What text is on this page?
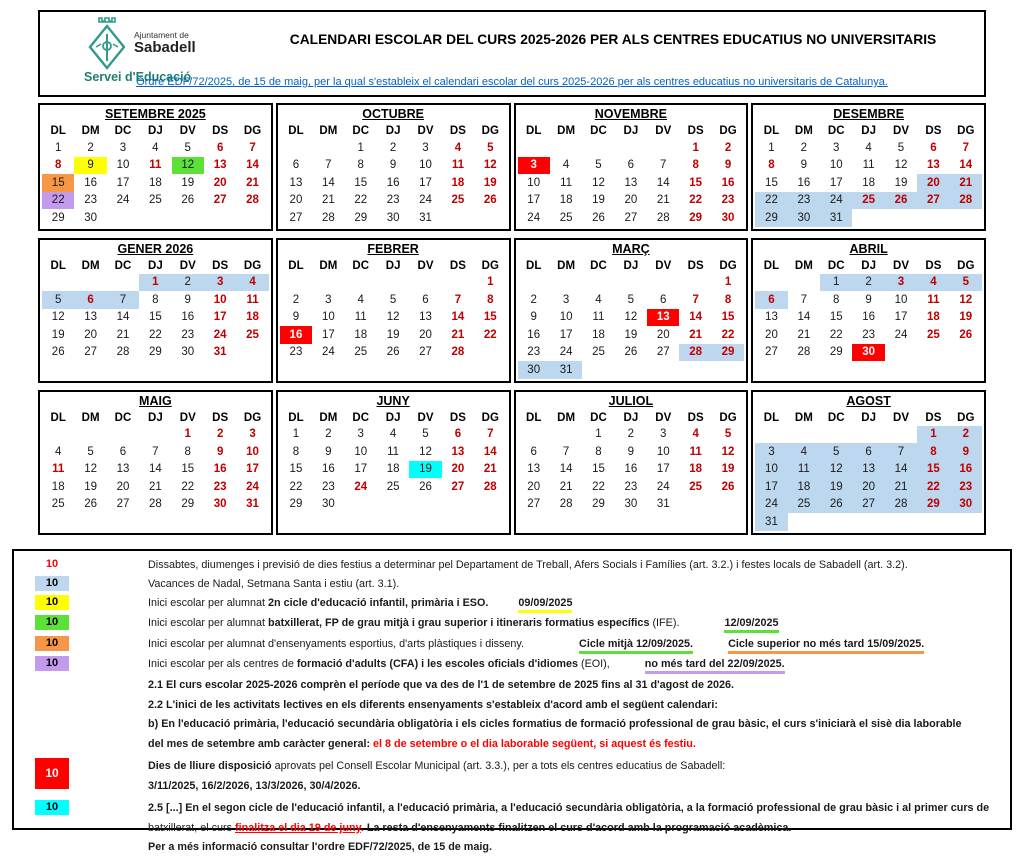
Ajuntament de
Sabadell
Servei d'Educació
CALENDARI ESCOLAR DEL CURS 2025-2026 PER ALS CENTRES EDUCATIUS NO UNIVERSITARIS
Ordre EDF/72/2025, de 15 de maig, per la qual s'estableix el calendari escolar del curs 2025-2026 per als centres educatius no universitaris de Catalunya.
SETEMBRE 2025
DL	DM	DC	DJ	DV	DS	DG
1	2	3	4	5	6	7
8	9	10	11	12	13	14
15	16	17	18	19	20	21
22	23	24	25	26	27	28
29	30					
OCTUBRE
DL	DM	DC	DJ	DV	DS	DG
		1	2	3	4	5
6	7	8	9	10	11	12
13	14	15	16	17	18	19
20	21	22	23	24	25	26
27	28	29	30	31		
NOVEMBRE
DL	DM	DC	DJ	DV	DS	DG
					1	2
3	4	5	6	7	8	9
10	11	12	13	14	15	16
17	18	19	20	21	22	23
24	25	26	27	28	29	30
DESEMBRE
DL	DM	DC	DJ	DV	DS	DG
1	2	3	4	5	6	7
8	9	10	11	12	13	14
15	16	17	18	19	20	21
22	23	24	25	26	27	28
29	30	31				
GENER 2026
DL	DM	DC	DJ	DV	DS	DG
			1	2	3	4
5	6	7	8	9	10	11
12	13	14	15	16	17	18
19	20	21	22	23	24	25
26	27	28	29	30	31	
FEBRER
DL	DM	DC	DJ	DV	DS	DG
						1
2	3	4	5	6	7	8
9	10	11	12	13	14	15
16	17	18	19	20	21	22
23	24	25	26	27	28	
MARÇ
DL	DM	DC	DJ	DV	DS	DG
						1
2	3	4	5	6	7	8
9	10	11	12	13	14	15
16	17	18	19	20	21	22
23	24	25	26	27	28	29
30	31					
ABRIL
DL	DM	DC	DJ	DV	DS	DG
		1	2	3	4	5
6	7	8	9	10	11	12
13	14	15	16	17	18	19
20	21	22	23	24	25	26
27	28	29	30			
MAIG
DL	DM	DC	DJ	DV	DS	DG
				1	2	3
4	5	6	7	8	9	10
11	12	13	14	15	16	17
18	19	20	21	22	23	24
25	26	27	28	29	30	31
JUNY
DL	DM	DC	DJ	DV	DS	DG
1	2	3	4	5	6	7
8	9	10	11	12	13	14
15	16	17	18	19	20	21
22	23	24	25	26	27	28
29	30					
JULIOL
DL	DM	DC	DJ	DV	DS	DG
		1	2	3	4	5
6	7	8	9	10	11	12
13	14	15	16	17	18	19
20	21	22	23	24	25	26
27	28	29	30	31		
AGOST
DL	DM	DC	DJ	DV	DS	DG
					1	2
3	4	5	6	7	8	9
10	11	12	13	14	15	16
17	18	19	20	21	22	23
24	25	26	27	28	29	30
31						
10	Dissabtes, diumenges i previsió de dies festius a determinar pel Departament de Treball, Afers Socials i Famílies (art. 3.2.) i festes locals de Sabadell (art. 3.2).
10	Vacances de Nadal, Setmana Santa i estiu (art. 3.1).
10	Inici escolar per alumnat 2n cicle d'educació infantil, primària i ESO.	09/09/2025
10	Inici escolar per alumnat batxillerat, FP de grau mitjà i grau superior i itineraris formatius específics (IFE).	12/09/2025
10	Inici escolar per alumnat d'ensenyaments esportius, d'arts plàstiques i disseny.	Cicle mitjà 12/09/2025.	Cicle superior no més tard 15/09/2025.
10	Inici escolar per als centres de formació d'adults (CFA) i les escoles oficials d'idiomes (EOI),	no més tard del 22/09/2025.
2.1 El curs escolar 2025-2026 comprèn el període que va des de l'1 de setembre de 2025 fins al 31 d'agost de 2026.
2.2 L'inici de les activitats lectives en els diferents ensenyaments s'estableix d'acord amb el següent calendari:
b) En l'educació primària, l'educació secundària obligatòria i els cicles formatius de formació professional de grau bàsic, el curs s'iniciarà el sisè dia laborable
del mes de setembre amb caràcter general: el 8 de setembre o el dia laborable següent, si aquest és festiu.
10	Dies de lliure disposició aprovats pel Consell Escolar Municipal (art. 3.3.), per a tots els centres educatius de Sabadell:
3/11/2025, 16/2/2026, 13/3/2026, 30/4/2026.
10	2.5 [...] En el segon cicle de l'educació infantil, a l'educació primària, a l'educació secundària obligatòria, a la formació professional de grau bàsic i al primer curs de
batxillerat, el curs finalitza el dia 19 de juny. La resta d'ensenyaments finalitzen el curs d'acord amb la programació acadèmica.
Per a més informació consultar l'ordre EDF/72/2025, de 15 de maig.
